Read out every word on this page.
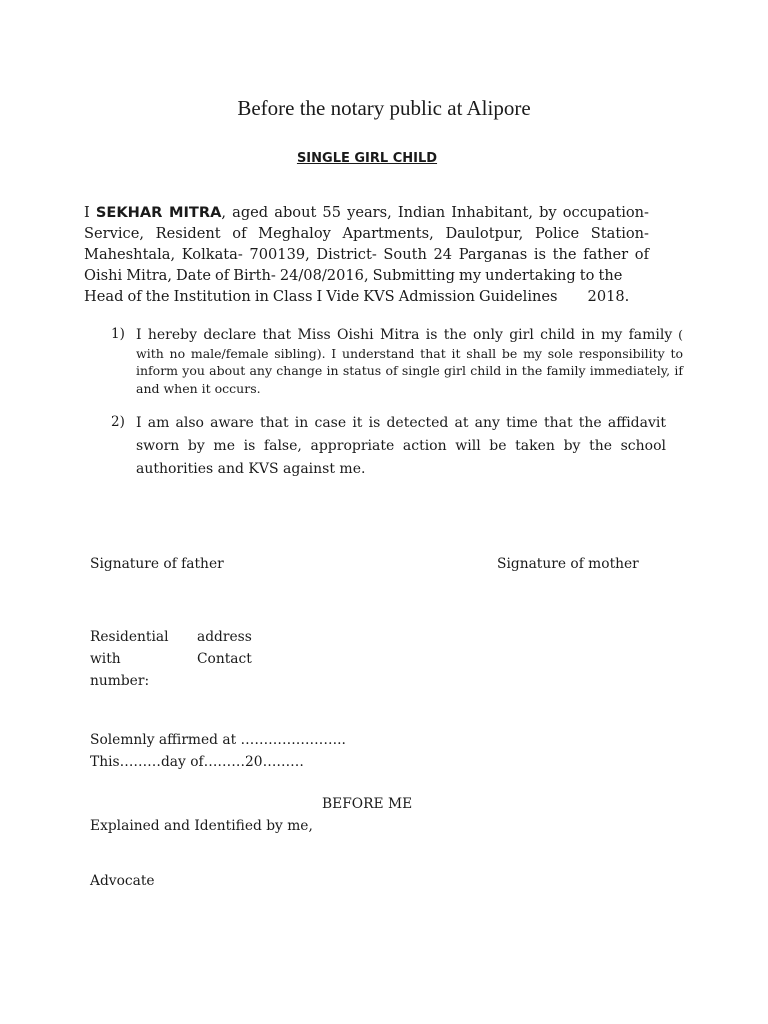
Before the notary public at Alipore
SINGLE GIRL CHILD
I SEKHAR MITRA, aged about 55 years, Indian Inhabitant, by occupation-Service, Resident of Meghaloy Apartments, Daulotpur, Police Station-Maheshtala, Kolkata- 700139, District- South 24 Parganas is the father of Oishi Mitra, Date of Birth- 24/08/2016, Submitting my undertaking to the
Head of the Institution in Class I Vide KVS Admission Guidelines 2018.
1) I hereby declare that Miss Oishi Mitra is the only girl child in my family ( with no male/female sibling). I understand that it shall be my sole responsibility to inform you about any change in status of single girl child in the family immediately, if and when it occurs.
2) I am also aware that in case it is detected at any time that the affidavit sworn by me is false, appropriate action will be taken by the school authorities and KVS against me.
Signature of father	Signature of mother
Residential
with
number:
address
Contact
Solemnly affirmed at …………………..
This………day of………20………
BEFORE ME
Explained and Identified by me,
Advocate
